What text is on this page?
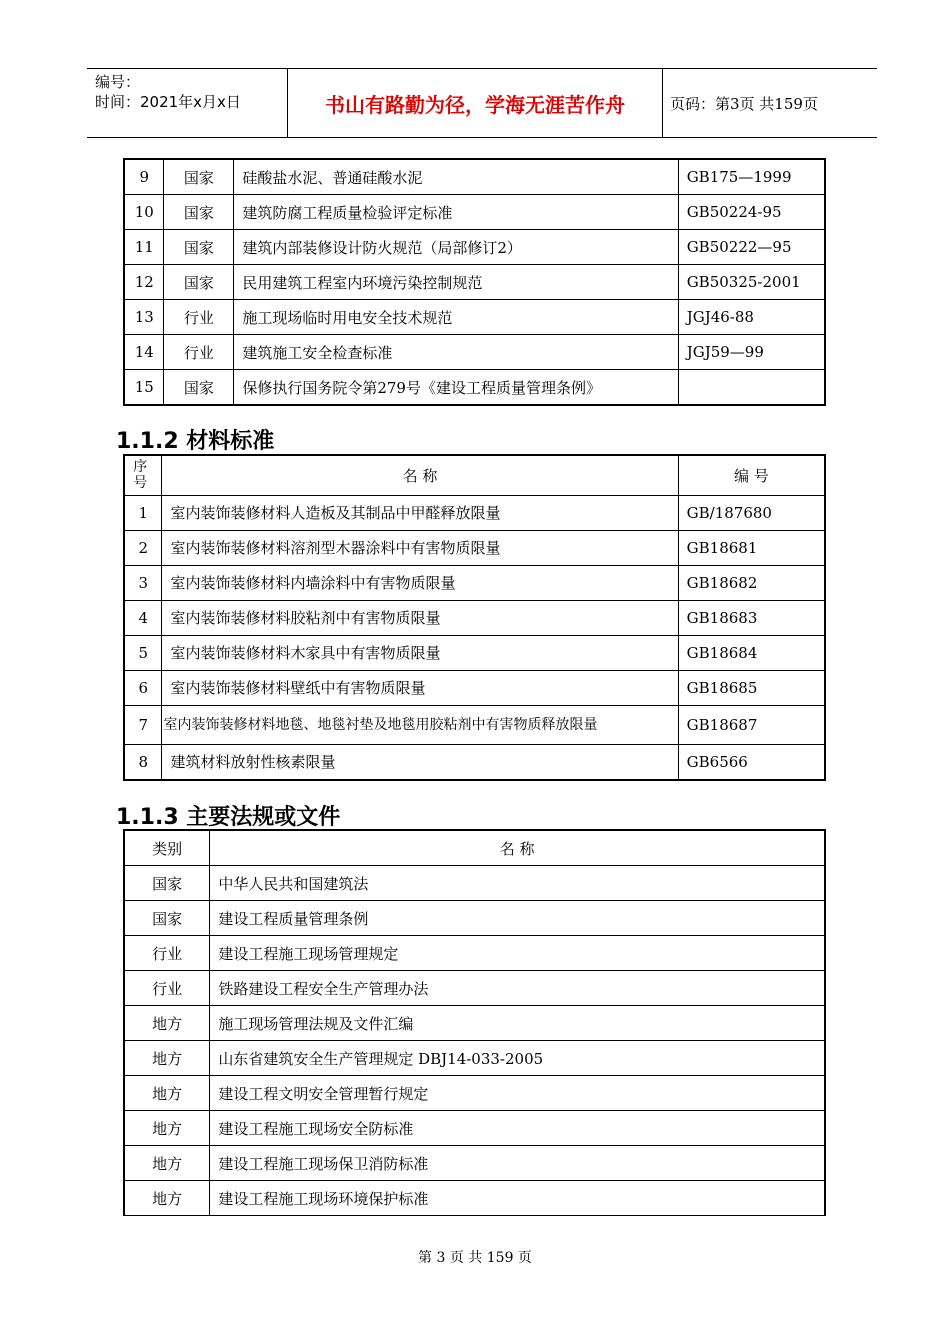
编号：
时间：2021年x月x日	书山有路勤为径，学海无涯苦作舟	页码：第3页 共159页
9	国家	硅酸盐水泥、普通硅酸水泥	GB175—1999
10	国家	建筑防腐工程质量检验评定标准	GB50224-95
11	国家	建筑内部装修设计防火规范（局部修订2）	GB50222—95
12	国家	民用建筑工程室内环境污染控制规范	GB50325-2001
13	行业	施工现场临时用电安全技术规范	JGJ46-88
14	行业	建筑施工安全检查标准	JGJ59—99
15	国家	保修执行国务院令第279号《建设工程质量管理条例》	
1.1.2 材料标准
序号	名 称	编 号
1	室内装饰装修材料人造板及其制品中甲醛释放限量	GB/187680
2	室内装饰装修材料溶剂型木器涂料中有害物质限量	GB18681
3	室内装饰装修材料内墙涂料中有害物质限量	GB18682
4	室内装饰装修材料胶粘剂中有害物质限量	GB18683
5	室内装饰装修材料木家具中有害物质限量	GB18684
6	室内装饰装修材料壁纸中有害物质限量	GB18685
7	室内装饰装修材料地毯、地毯衬垫及地毯用胶粘剂中有害物质释放限量	GB18687
8	建筑材料放射性核素限量	GB6566
1.1.3 主要法规或文件
类别	名 称
国家	中华人民共和国建筑法
国家	建设工程质量管理条例
行业	建设工程施工现场管理规定
行业	铁路建设工程安全生产管理办法
地方	施工现场管理法规及文件汇编
地方	山东省建筑安全生产管理规定 DBJ14-033-2005
地方	建设工程文明安全管理暂行规定
地方	建设工程施工现场安全防标准
地方	建设工程施工现场保卫消防标准
地方	建设工程施工现场环境保护标准
第 3 页 共 159 页
